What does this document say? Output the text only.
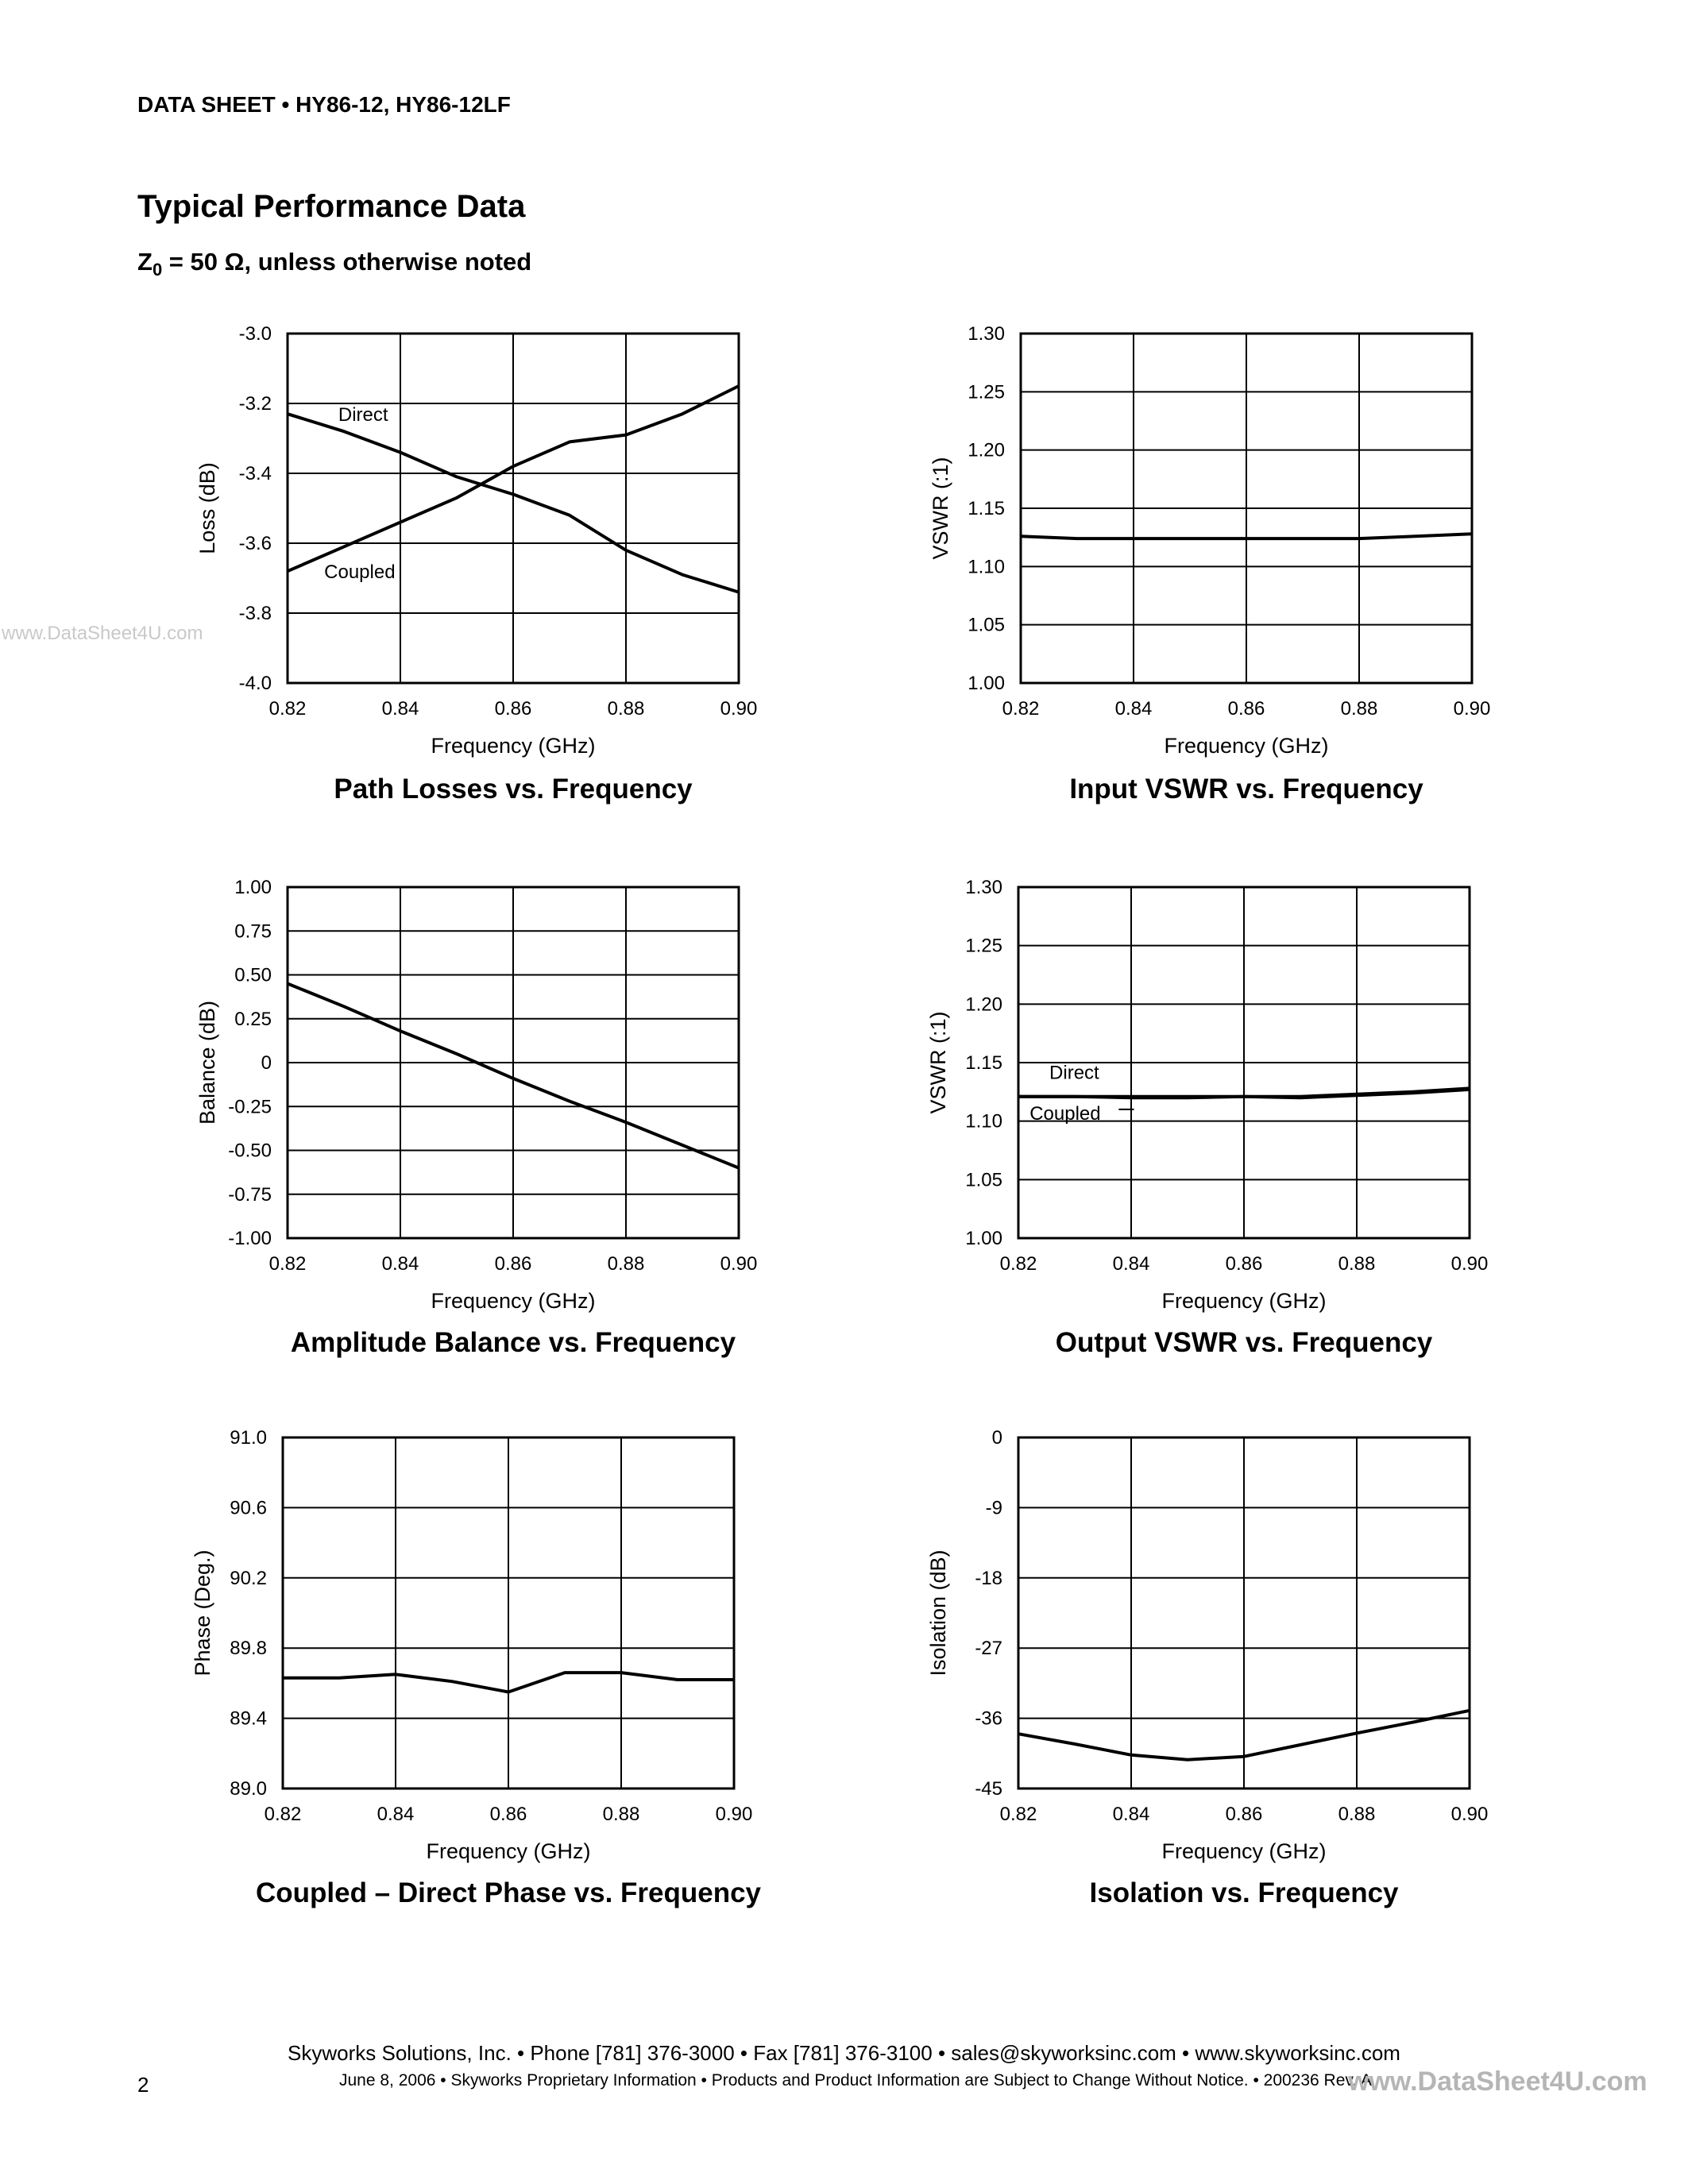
DATA SHEET • HY86-12, HY86-12LF
Typical Performance Data
$Z_0 = 50$ Ω, unless otherwise noted
www.DataSheet4U.com
0.82	0.84	0.86	0.88	0.90
-3.0
-3.2
-3.4
-3.6
-3.8
-4.0
Frequency (GHz)
Loss (dB)
Path Losses vs. Frequency
Direct
Coupled
0.82	0.84	0.86	0.88	0.90
1.30
1.25
1.20
1.15
1.10
1.05
1.00
Frequency (GHz)
VSWR (:1)
Input VSWR vs. Frequency
0.82	0.84	0.86	0.88	0.90
1.00
0.75
0.50
0.25
0
-0.25
-0.50
-0.75
-1.00
Frequency (GHz)
Balance (dB)
Amplitude Balance vs. Frequency
0.82	0.84	0.86	0.88	0.90
1.30
1.25
1.20
1.15
1.10
1.05
1.00
Frequency (GHz)
VSWR (:1)
Output VSWR vs. Frequency
Direct
Coupled
0.82	0.84	0.86	0.88	0.90
91.0
90.6
90.2
89.8
89.4
89.0
Frequency (GHz)
Phase (Deg.)
Coupled – Direct Phase vs. Frequency
0.82	0.84	0.86	0.88	0.90
0
-9
-18
-27
-36
-45
Frequency (GHz)
Isolation (dB)
Isolation vs. Frequency
Skyworks Solutions, Inc. • Phone [781] 376-3000 • Fax [781] 376-3100 • sales@skyworksinc.com • www.skyworksinc.com
2	June 8, 2006 • Skyworks Proprietary Information • Products and Product Information are Subject to Change Without Notice. • 200236 Rev. A
www.DataSheet4U.com
